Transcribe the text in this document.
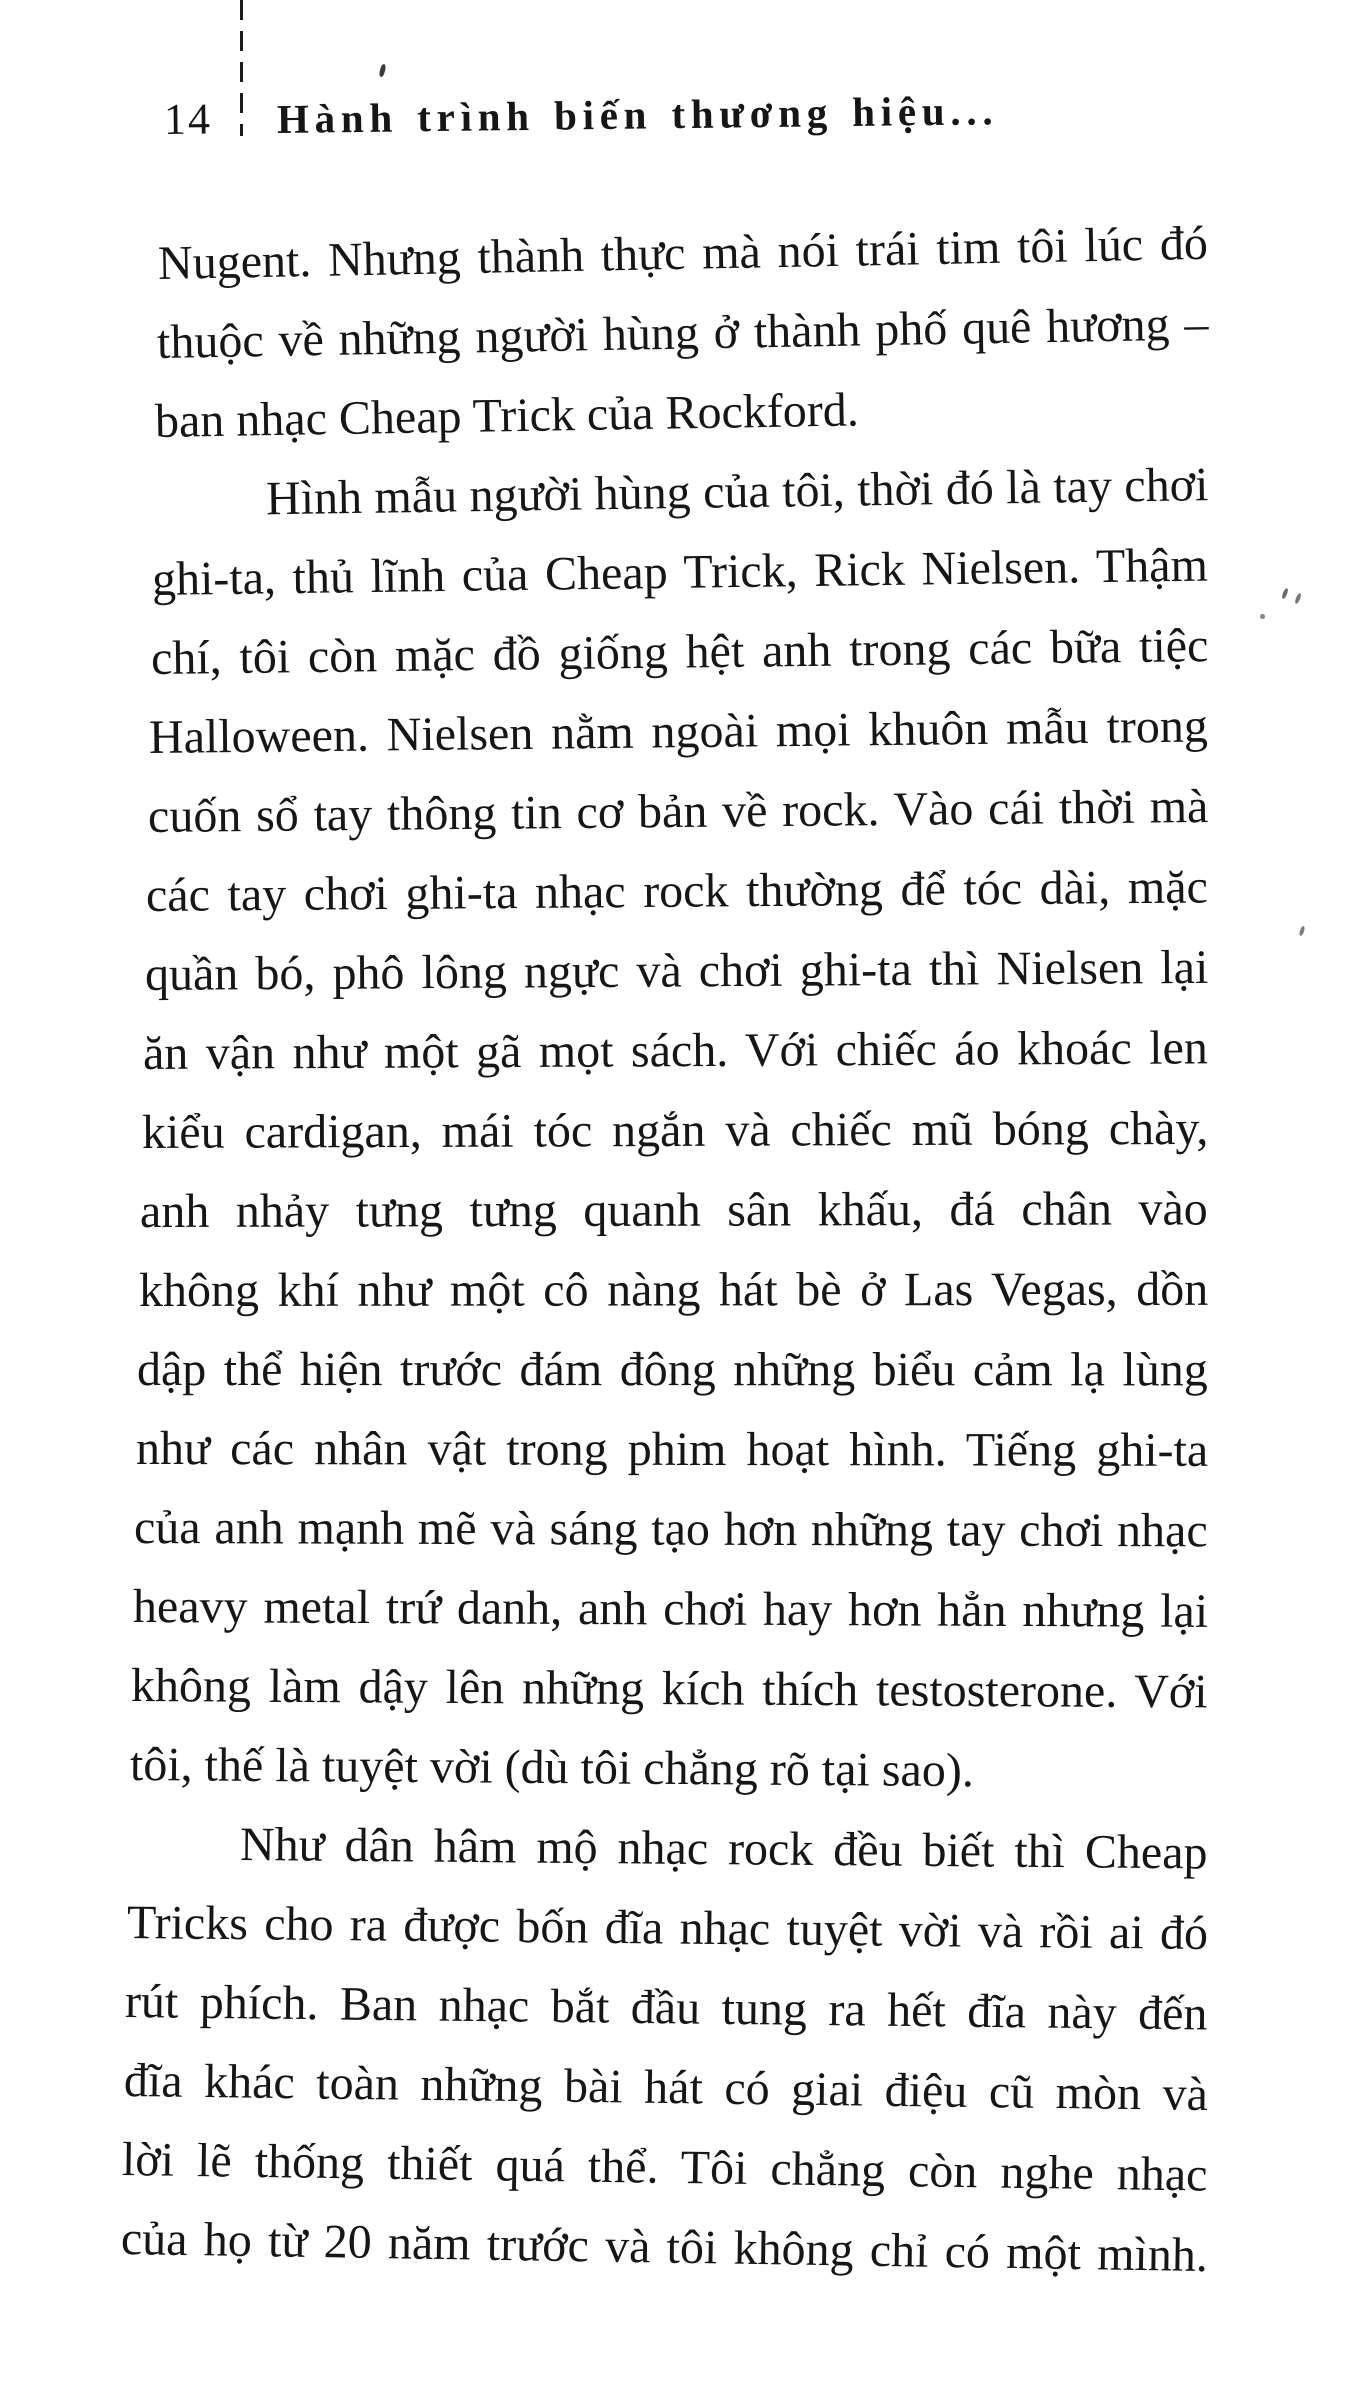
14 Hành trình biến thương hiệu...
Nugent. Nhưng thành thực mà nói trái tim tôi lúc đó
thuộc về những người hùng ở thành phố quê hương –
ban nhạc Cheap Trick của Rockford.
Hình mẫu người hùng của tôi, thời đó là tay chơi
ghi-ta, thủ lĩnh của Cheap Trick, Rick Nielsen. Thậm
chí, tôi còn mặc đồ giống hệt anh trong các bữa tiệc
Halloween. Nielsen nằm ngoài mọi khuôn mẫu trong
cuốn sổ tay thông tin cơ bản về rock. Vào cái thời mà
các tay chơi ghi-ta nhạc rock thường để tóc dài, mặc
quần bó, phô lông ngực và chơi ghi-ta thì Nielsen lại
ăn vận như một gã mọt sách. Với chiếc áo khoác len
kiểu cardigan, mái tóc ngắn và chiếc mũ bóng chày,
anh nhảy tưng tưng quanh sân khấu, đá chân vào
không khí như một cô nàng hát bè ở Las Vegas, dồn
dập thể hiện trước đám đông những biểu cảm lạ lùng
như các nhân vật trong phim hoạt hình. Tiếng ghi-ta
của anh mạnh mẽ và sáng tạo hơn những tay chơi nhạc
heavy metal trứ danh, anh chơi hay hơn hẳn nhưng lại
không làm dậy lên những kích thích testosterone. Với
tôi, thế là tuyệt vời (dù tôi chẳng rõ tại sao).
Như dân hâm mộ nhạc rock đều biết thì Cheap
Tricks cho ra được bốn đĩa nhạc tuyệt vời và rồi ai đó
rút phích. Ban nhạc bắt đầu tung ra hết đĩa này đến
đĩa khác toàn những bài hát có giai điệu cũ mòn và
lời lẽ thống thiết quá thể. Tôi chẳng còn nghe nhạc
của họ từ 20 năm trước và tôi không chỉ có một mình.
